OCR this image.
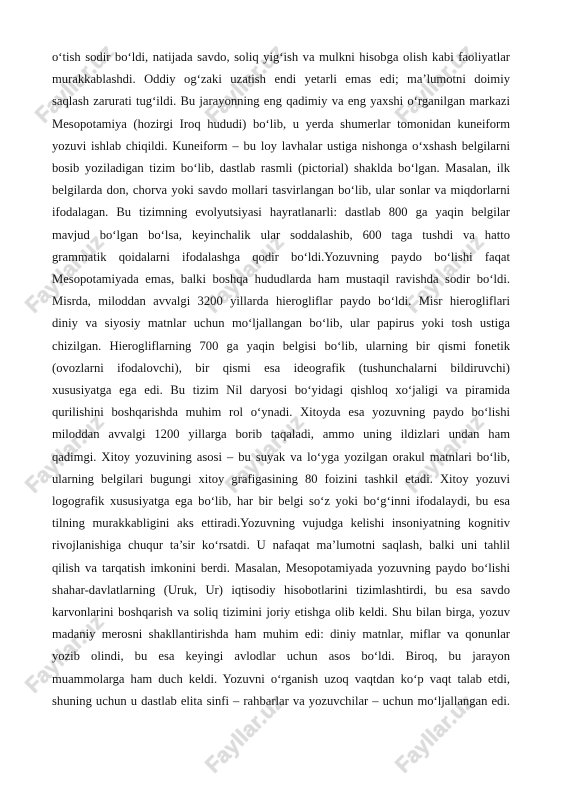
Fayllar.uz	Fayllar.uz	Fayllar.uz
Fayllar.uz	Fayllar.uz	Fayllar.uz
Fayllar.uz	Fayllar.uz	Fayllar.uz
Fayllar.uz
Fayllar.uz	Fayllar.uz
o‘tish sodir bo‘ldi, natijada savdo, soliq yig‘ish va mulkni hisobga olish kabi faoliyatlar
murakkablashdi. Oddiy og‘zaki uzatish endi yetarli emas edi; ma’lumotni doimiy
saqlash zarurati tug‘ildi. Bu jarayonning eng qadimiy va eng yaxshi o‘rganilgan markazi
Mesopotamiya (hozirgi Iroq hududi) bo‘lib, u yerda shumerlar tomonidan kuneiform
yozuvi ishlab chiqildi. Kuneiform – bu loy lavhalar ustiga nishonga o‘xshash belgilarni
bosib yoziladigan tizim bo‘lib, dastlab rasmli (pictorial) shaklda bo‘lgan. Masalan, ilk
belgilarda don, chorva yoki savdo mollari tasvirlangan bo‘lib, ular sonlar va miqdorlarni
ifodalagan. Bu tizimning evolyutsiyasi hayratlanarli: dastlab 800 ga yaqin belgilar
mavjud bo‘lgan bo‘lsa, keyinchalik ular soddalashib, 600 taga tushdi va hatto
grammatik qoidalarni ifodalashga qodir bo‘ldi.Yozuvning paydo bo‘lishi faqat
Mesopotamiyada emas, balki boshqa hududlarda ham mustaqil ravishda sodir bo‘ldi.
Misrda, miloddan avvalgi 3200 yillarda hierogliflar paydo bo‘ldi. Misr hierogliflari
diniy va siyosiy matnlar uchun mo‘ljallangan bo‘lib, ular papirus yoki tosh ustiga
chizilgan. Hierogliflarning 700 ga yaqin belgisi bo‘lib, ularning bir qismi fonetik
(ovozlarni ifodalovchi), bir qismi esa ideografik (tushunchalarni bildiruvchi)
xususiyatga ega edi. Bu tizim Nil daryosi bo‘yidagi qishloq xo‘jaligi va piramida
qurilishini boshqarishda muhim rol o‘ynadi. Xitoyda esa yozuvning paydo bo‘lishi
miloddan avvalgi 1200 yillarga borib taqaladi, ammo uning ildizlari undan ham
qadimgi. Xitoy yozuvining asosi – bu suyak va lo‘yga yozilgan orakul matnlari bo‘lib,
ularning belgilari bugungi xitoy grafigasining 80 foizini tashkil etadi. Xitoy yozuvi
logografik xususiyatga ega bo‘lib, har bir belgi so‘z yoki bo‘g‘inni ifodalaydi, bu esa
tilning murakkabligini aks ettiradi.Yozuvning vujudga kelishi insoniyatning kognitiv
rivojlanishiga chuqur ta’sir ko‘rsatdi. U nafaqat ma’lumotni saqlash, balki uni tahlil
qilish va tarqatish imkonini berdi. Masalan, Mesopotamiyada yozuvning paydo bo‘lishi
shahar-davlatlarning (Uruk, Ur) iqtisodiy hisobotlarini tizimlashtirdi, bu esa savdo
karvonlarini boshqarish va soliq tizimini joriy etishga olib keldi. Shu bilan birga, yozuv
madaniy merosni shakllantirishda ham muhim edi: diniy matnlar, miflar va qonunlar
yozib olindi, bu esa keyingi avlodlar uchun asos bo‘ldi. Biroq, bu jarayon
muammolarga ham duch keldi. Yozuvni o‘rganish uzoq vaqtdan ko‘p vaqt talab etdi,
shuning uchun u dastlab elita sinfi – rahbarlar va yozuvchilar – uchun mo‘ljallangan edi.
